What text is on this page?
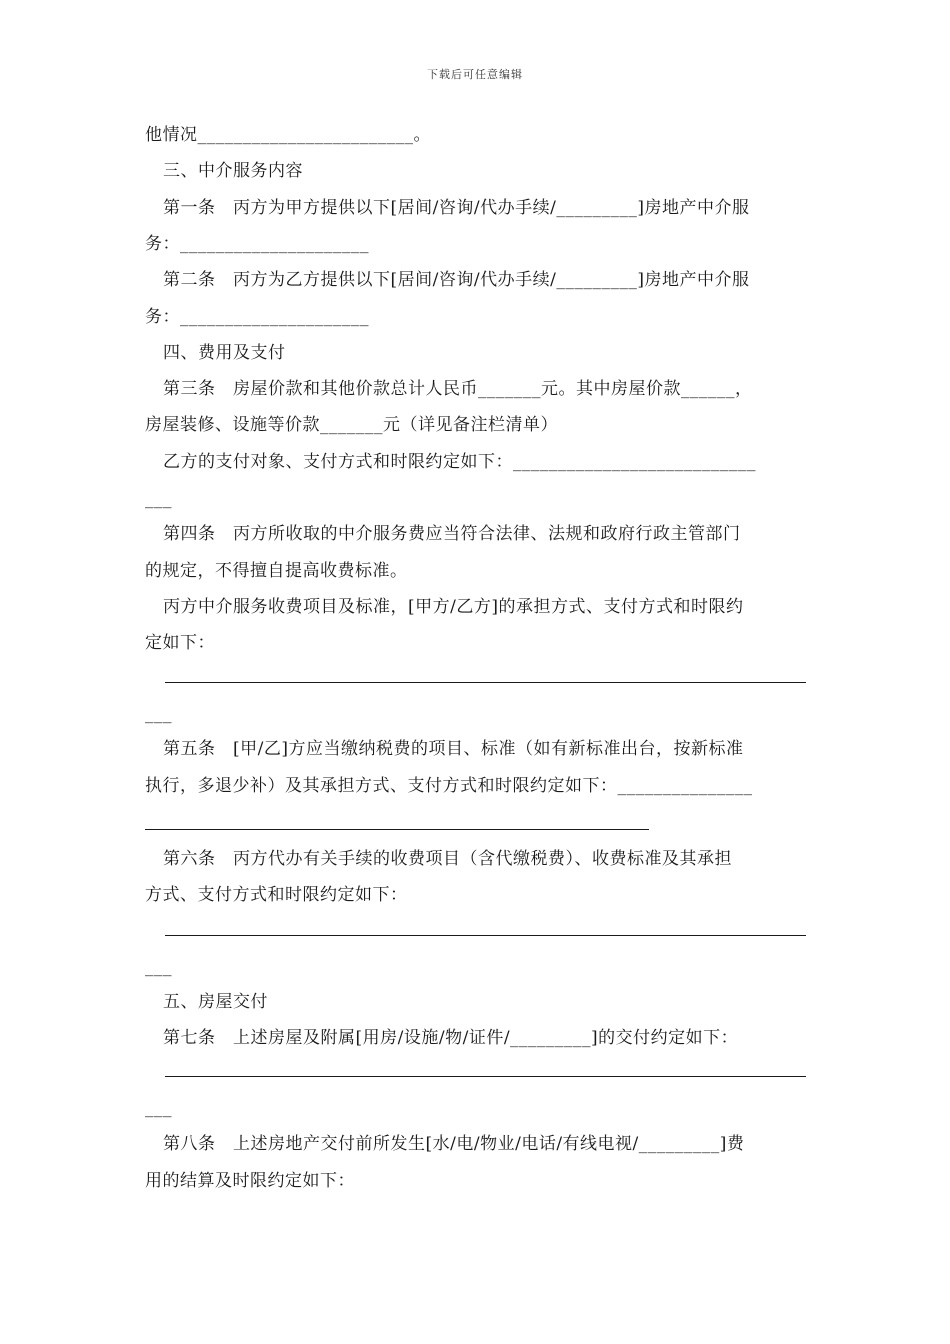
下载后可任意编辑
他情况________________________。
三、中介服务内容
第一条　丙方为甲方提供以下[居间/咨询/代办手续/_________]房地产中介服
务：_____________________
第二条　丙方为乙方提供以下[居间/咨询/代办手续/_________]房地产中介服
务：_____________________
四、费用及支付
第三条　房屋价款和其他价款总计人民币_______元。其中房屋价款______，
房屋装修、设施等价款_______元（详见备注栏清单）
乙方的支付对象、支付方式和时限约定如下：___________________________
___
第四条　丙方所收取的中介服务费应当符合法律、法规和政府行政主管部门
的规定，不得擅自提高收费标准。
丙方中介服务收费项目及标准，[甲方/乙方]的承担方式、支付方式和时限约
定如下：
___
第五条　[甲/乙]方应当缴纳税费的项目、标准（如有新标准出台，按新标准
执行，多退少补）及其承担方式、支付方式和时限约定如下：_______________
第六条　丙方代办有关手续的收费项目（含代缴税费）、收费标准及其承担
方式、支付方式和时限约定如下：
___
五、房屋交付
第七条　上述房屋及附属[用房/设施/物/证件/_________]的交付约定如下：
___
第八条　上述房地产交付前所发生[水/电/物业/电话/有线电视/_________]费
用的结算及时限约定如下：
